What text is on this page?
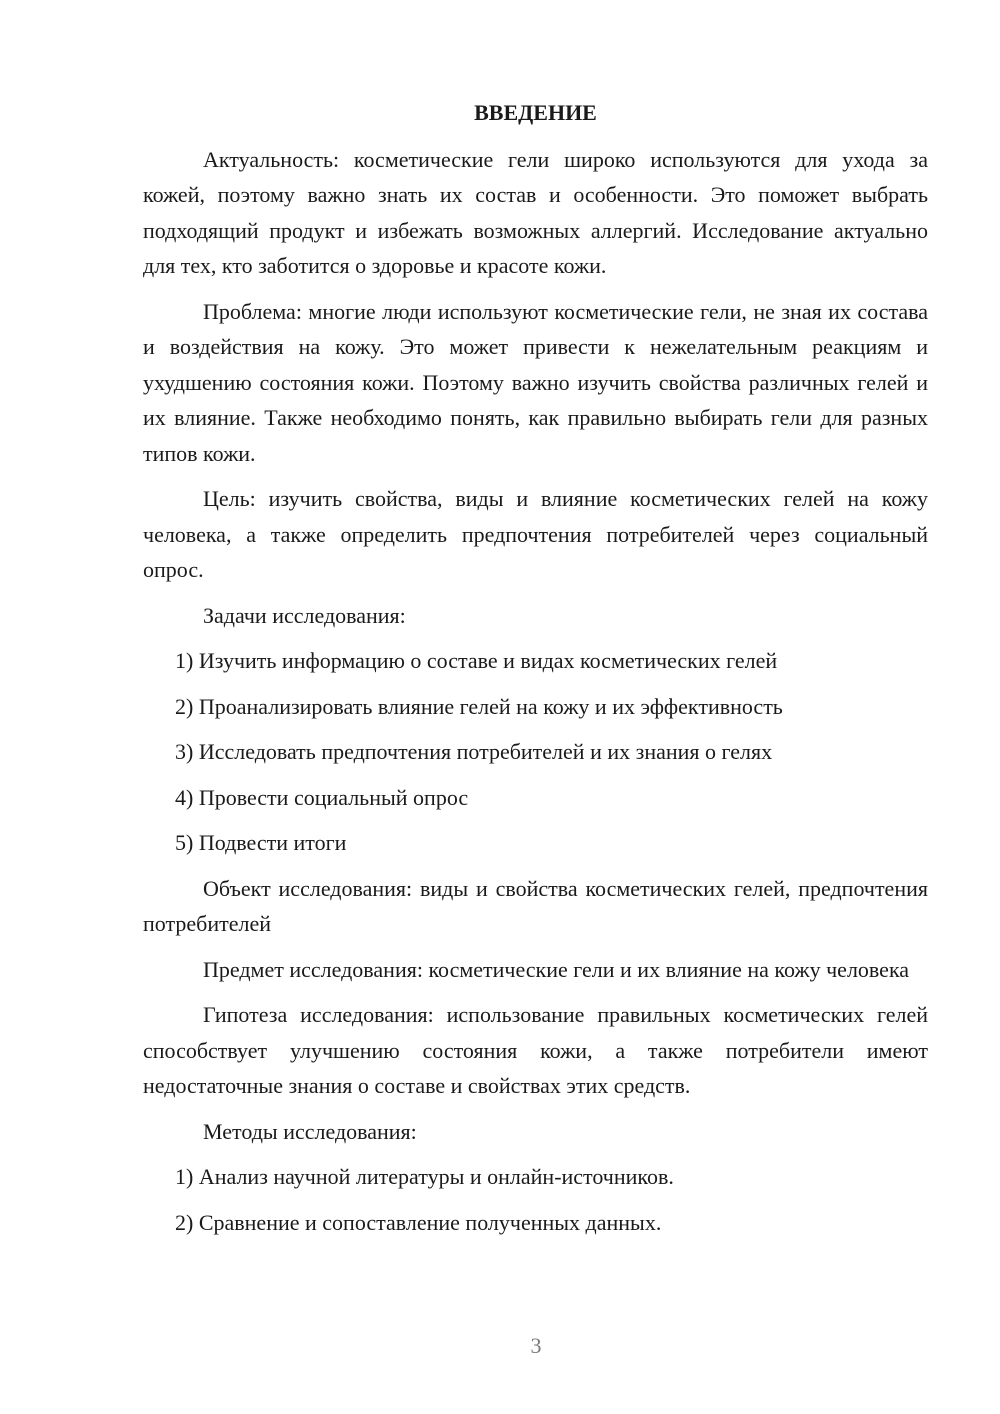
ВВЕДЕНИЕ

Актуальность: косметические гели широко используются для ухода за кожей, поэтому важно знать их состав и особенности. Это поможет выбрать подходящий продукт и избежать возможных аллергий. Исследование актуально для тех, кто заботится о здоровье и красоте кожи.

Проблема: многие люди используют косметические гели, не зная их состава и воздействия на кожу. Это может привести к нежелательным реакциям и ухудшению состояния кожи. Поэтому важно изучить свойства различных гелей и их влияние. Также необходимо понять, как правильно выбирать гели для разных типов кожи.

Цель: изучить свойства, виды и влияние косметических гелей на кожу человека, а также определить предпочтения потребителей через социальный опрос.

Задачи исследования:

1) Изучить информацию о составе и видах косметических гелей

2) Проанализировать влияние гелей на кожу и их эффективность

3) Исследовать предпочтения потребителей и их знания о гелях

4) Провести социальный опрос

5) Подвести итоги

Объект исследования: виды и свойства косметических гелей, предпочтения потребителей

Предмет исследования: косметические гели и их влияние на кожу человека

Гипотеза исследования: использование правильных косметических гелей способствует улучшению состояния кожи, а также потребители имеют недостаточные знания о составе и свойствах этих средств.

Методы исследования:

1) Анализ научной литературы и онлайн-источников.

2) Сравнение и сопоставление полученных данных.

3
